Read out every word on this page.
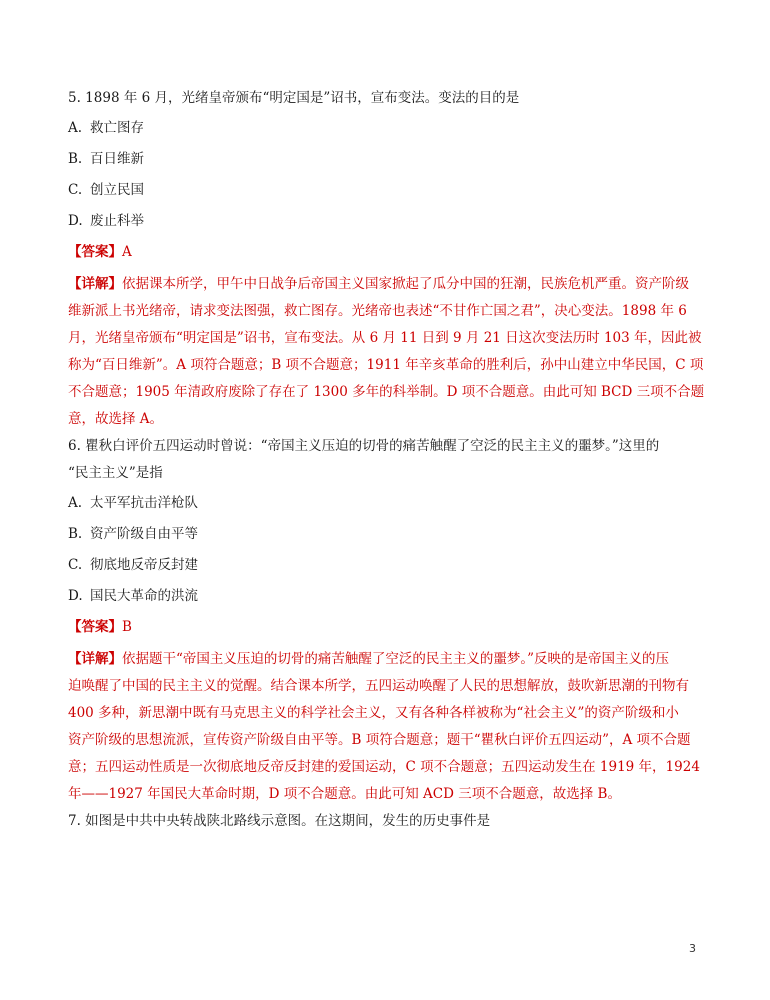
5. 1898 年 6 月，光绪皇帝颁布“明定国是”诏书，宣布变法。变法的目的是
A. 救亡图存
B. 百日维新
C. 创立民国
D. 废止科举
【答案】A
【详解】依据课本所学，甲午中日战争后帝国主义国家掀起了瓜分中国的狂潮，民族危机严重。资产阶级
维新派上书光绪帝，请求变法图强，救亡图存。光绪帝也表述“不甘作亡国之君”，决心变法。1898 年 6
月，光绪皇帝颁布“明定国是”诏书，宣布变法。从 6 月 11 日到 9 月 21 日这次变法历时 103 年，因此被
称为“百日维新”。A 项符合题意；B 项不合题意；1911 年辛亥革命的胜利后，孙中山建立中华民国，C 项
不合题意；1905 年清政府废除了存在了 1300 多年的科举制。D 项不合题意。由此可知 BCD 三项不合题
意，故选择 A。
6. 瞿秋白评价五四运动时曾说：“帝国主义压迫的切骨的痛苦触醒了空泛的民主主义的噩梦。”这里的
“民主主义”是指
A. 太平军抗击洋枪队
B. 资产阶级自由平等
C. 彻底地反帝反封建
D. 国民大革命的洪流
【答案】B
【详解】依据题干“帝国主义压迫的切骨的痛苦触醒了空泛的民主主义的噩梦。”反映的是帝国主义的压
迫唤醒了中国的民主主义的觉醒。结合课本所学，五四运动唤醒了人民的思想解放，鼓吹新思潮的刊物有
400 多种，新思潮中既有马克思主义的科学社会主义，又有各种各样被称为“社会主义”的资产阶级和小
资产阶级的思想流派，宣传资产阶级自由平等。B 项符合题意；题干“瞿秋白评价五四运动”，A 项不合题
意；五四运动性质是一次彻底地反帝反封建的爱国运动，C 项不合题意；五四运动发生在 1919 年，1924
年——1927 年国民大革命时期，D 项不合题意。由此可知 ACD 三项不合题意，故选择 B。
7. 如图是中共中央转战陕北路线示意图。在这期间，发生的历史事件是
3
